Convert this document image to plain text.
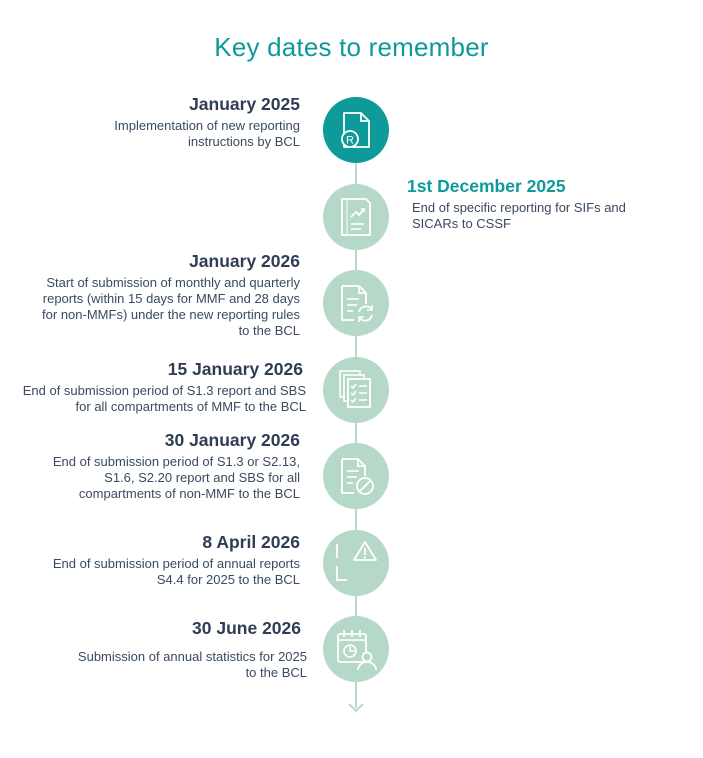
Key dates to remember
R
January 2025
Implementation of new reporting
instructions by BCL
1st December 2025
End of specific reporting for SIFs and
SICARs to CSSF
January 2026
Start of submission of monthly and quarterly
reports (within 15 days for MMF and 28 days
for non-MMFs) under the new reporting rules
to the BCL
15 January 2026
End of submission period of S1.3 report and SBS
for all compartments of MMF to the BCL
30 January 2026
End of submission period of S1.3 or S2.13,
S1.6, S2.20 report and SBS for all
compartments of non-MMF to the BCL
8 April 2026
End of submission period of annual reports
S4.4 for 2025 to the BCL
30 June 2026
Submission of annual statistics for 2025
to the BCL
